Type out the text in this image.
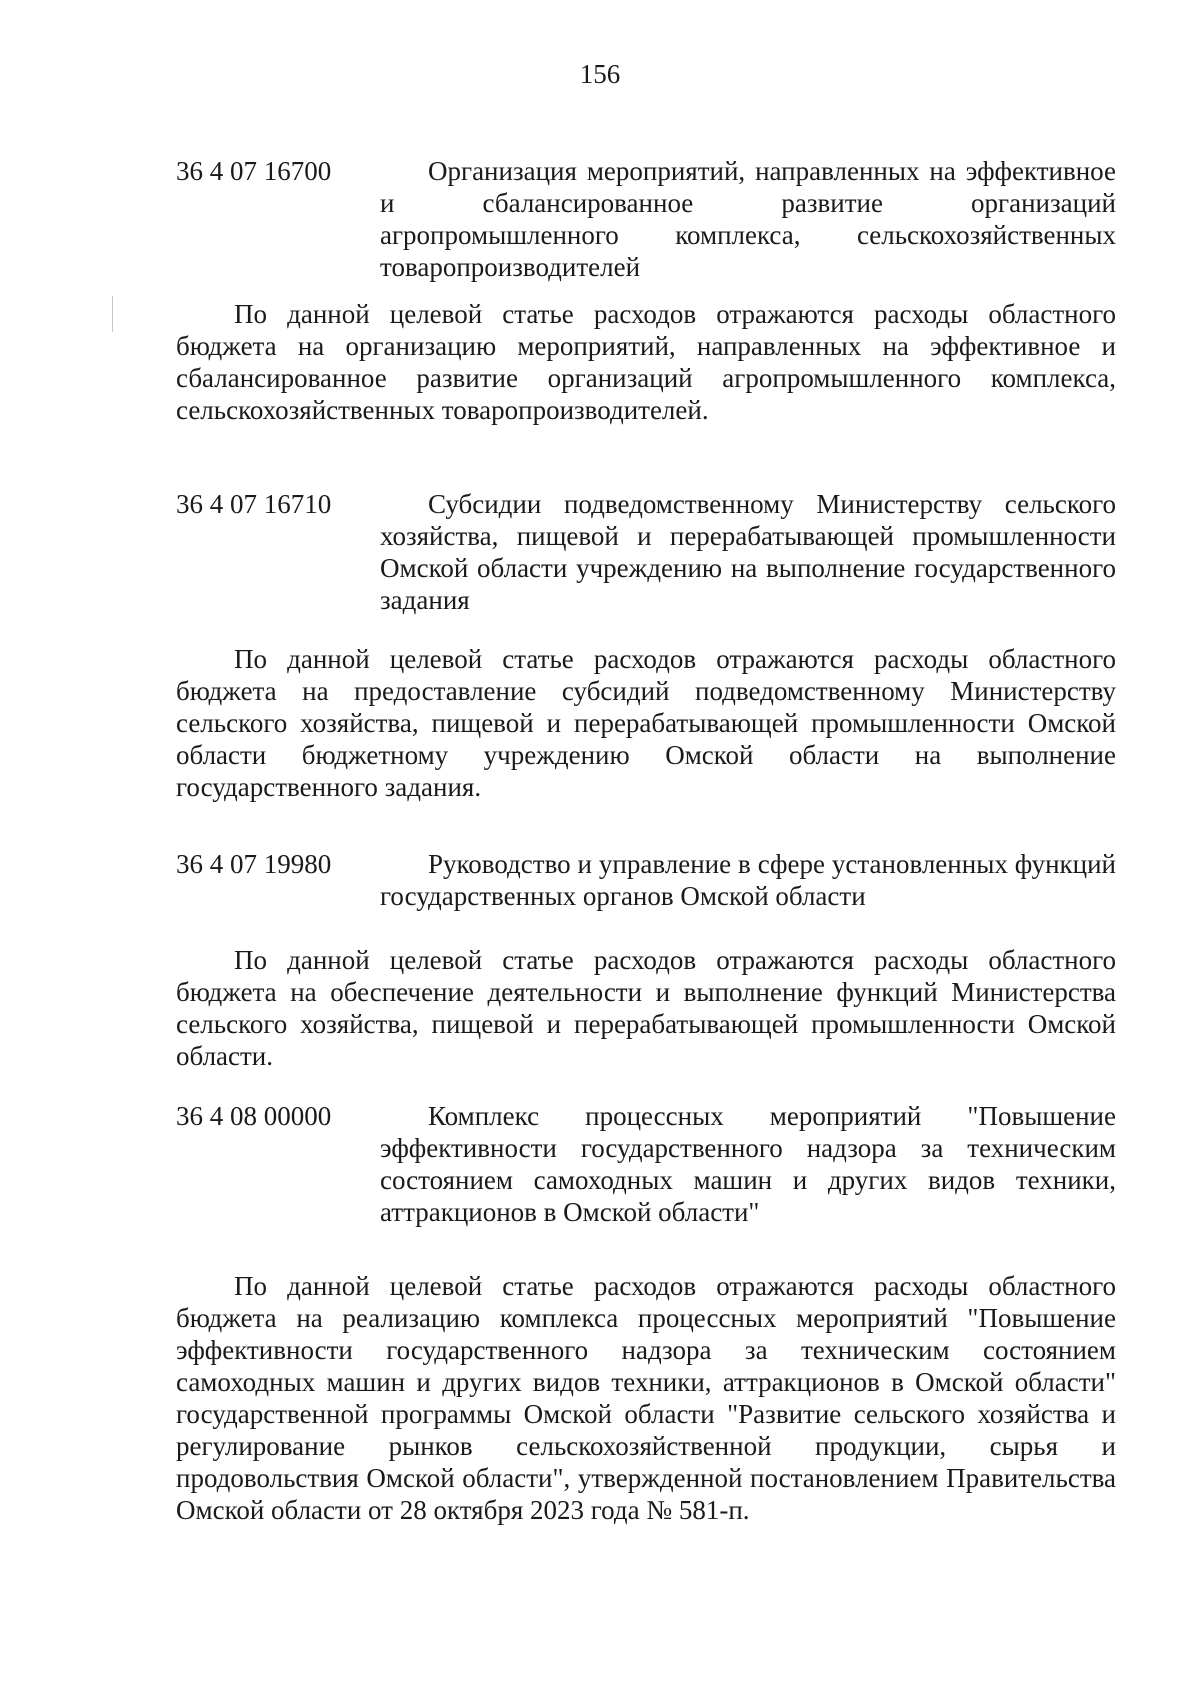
156
36 4 07 16700	Организация мероприятий, направленных на эффективное и сбалансированное развитие организаций агропромышленного комплекса, сельскохозяйственных товаропроизводителей
По данной целевой статье расходов отражаются расходы областного бюджета на организацию мероприятий, направленных на эффективное и сбалансированное развитие организаций агропромышленного комплекса, сельскохозяйственных товаропроизводителей.
36 4 07 16710	Субсидии подведомственному Министерству сельского хозяйства, пищевой и перерабатывающей промышленности Омской области учреждению на выполнение государственного задания
По данной целевой статье расходов отражаются расходы областного бюджета на предоставление субсидий подведомственному Министерству сельского хозяйства, пищевой и перерабатывающей промышленности Омской области бюджетному учреждению Омской области на выполнение государственного задания.
36 4 07 19980	Руководство и управление в сфере установленных функций государственных органов Омской области
По данной целевой статье расходов отражаются расходы областного бюджета на обеспечение деятельности и выполнение функций Министерства сельского хозяйства, пищевой и перерабатывающей промышленности Омской области.
36 4 08 00000	Комплекс процессных мероприятий "Повышение эффективности государственного надзора за техническим состоянием самоходных машин и других видов техники, аттракционов в Омской области"
По данной целевой статье расходов отражаются расходы областного бюджета на реализацию комплекса процессных мероприятий "Повышение эффективности государственного надзора за техническим состоянием самоходных машин и других видов техники, аттракционов в Омской области" государственной программы Омской области "Развитие сельского хозяйства и регулирование рынков сельскохозяйственной продукции, сырья и продовольствия Омской области", утвержденной постановлением Правительства Омской области от 28 октября 2023 года № 581-п.
